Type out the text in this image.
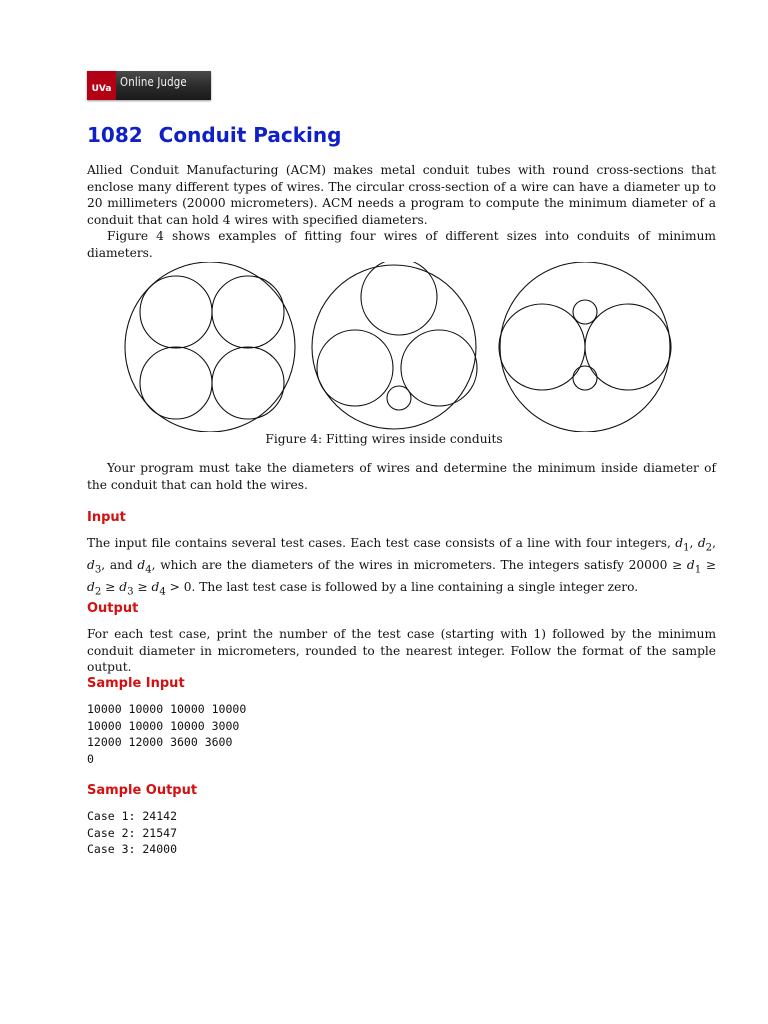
UVa Online Judge
1082 Conduit Packing

Allied Conduit Manufacturing (ACM) makes metal conduit tubes with round cross-sections that enclose many different types of wires. The circular cross-section of a wire can have a diameter up to 20 millimeters (20000 micrometers). ACM needs a program to compute the minimum diameter of a conduit that can hold 4 wires with specified diameters.

Figure 4 shows examples of fitting four wires of different sizes into conduits of minimum diameters.

Figure 4: Fitting wires inside conduits

Your program must take the diameters of wires and determine the minimum inside diameter of the conduit that can hold the wires.

Input

The input file contains several test cases. Each test case consists of a line with four integers, $d_1$, $d_2$, $d_3$, and $d_4$, which are the diameters of the wires in micrometers. The integers satisfy $20000 \ge d_1 \ge d_2 \ge d_3 \ge d_4 > 0$. The last test case is followed by a line containing a single integer zero.

Output

For each test case, print the number of the test case (starting with 1) followed by the minimum conduit diameter in micrometers, rounded to the nearest integer. Follow the format of the sample output.

Sample Input
10000 10000 10000 10000
10000 10000 10000 3000
12000 12000 3600 3600
0
Sample Output
Case 1: 24142
Case 2: 21547
Case 3: 24000
